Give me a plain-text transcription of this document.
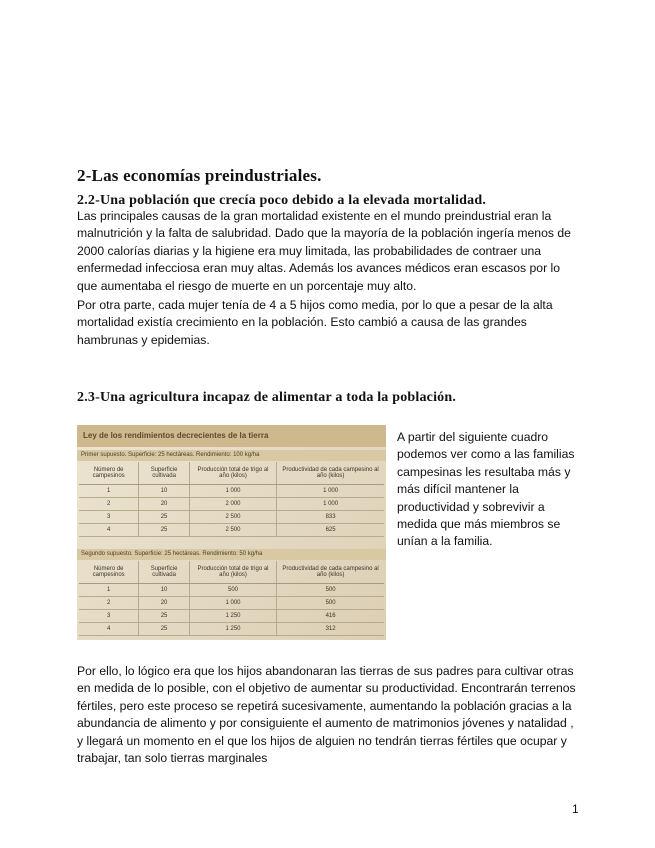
2-Las economías preindustriales.
2.2-Una población que crecía poco debido a la elevada mortalidad.

Las principales causas de la gran mortalidad existente en el mundo preindustrial eran la malnutrición y la falta de salubridad. Dado que la mayoría de la población ingería menos de 2000 calorías diarias y la higiene era muy limitada, las probabilidades de contraer una enfermedad infecciosa eran muy altas. Además los avances médicos eran escasos por lo que aumentaba el riesgo de muerte en un porcentaje muy alto.

Por otra parte, cada mujer tenía de 4 a 5 hijos como media, por lo que a pesar de la alta mortalidad existía crecimiento en la población. Esto cambió a causa de las grandes hambrunas y epidemias.

2.3-Una agricultura incapaz de alimentar a toda la población.
Ley de los rendimientos decrecientes de la tierra
Primer supuesto. Superficie: 25 hectáreas. Rendimiento: 100 kg/ha
Número de campesinos	Superficie cultivada	Producción total de trigo al año (kilos)	Productividad de cada campesino al año (kilos)
1	10	1 000	1 000
2	20	2 000	1 000
3	25	2 500	833
4	25	2 500	625
Segundo supuesto. Superficie: 25 hectáreas. Rendimiento: 50 kg/ha
Número de campesinos	Superficie cultivada	Producción total de trigo al año (kilos)	Productividad de cada campesino al año (kilos)
1	10	500	500
2	20	1 000	500
3	25	1 250	416
4	25	1 250	312

A partir del siguiente cuadro podemos ver como a las familias campesinas les resultaba más y más difícil mantener la productividad y sobrevivir a medida que más miembros se unían a la familia.

Por ello, lo lógico era que los hijos abandonaran las tierras de sus padres para cultivar otras en medida de lo posible, con el objetivo de aumentar su productividad. Encontrarán terrenos fértiles, pero este proceso se repetirá sucesivamente, aumentando la población gracias a la abundancia de alimento y por consiguiente el aumento de matrimonios jóvenes y natalidad , y llegará un momento en el que los hijos de alguien no tendrán tierras fértiles que ocupar y trabajar, tan solo tierras marginales

1
